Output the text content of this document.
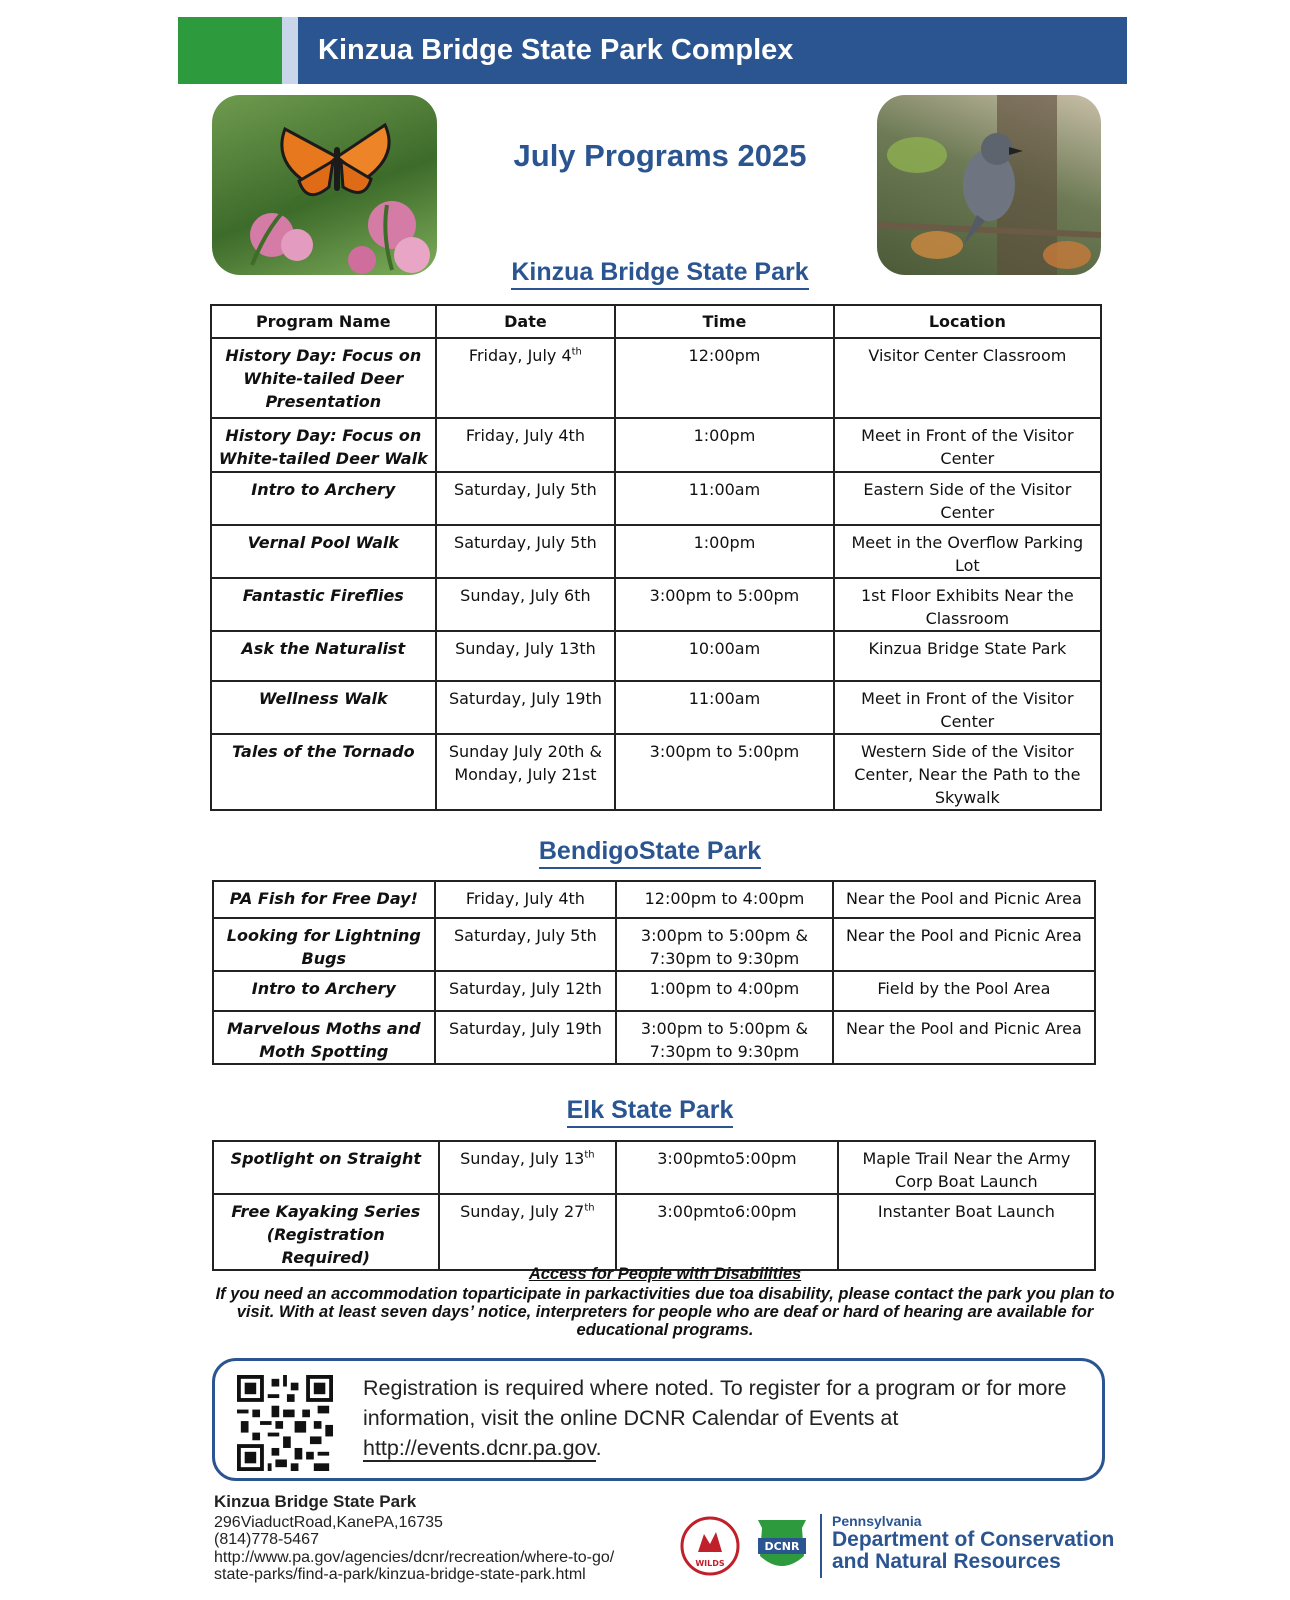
Kinzua Bridge State Park Complex
July Programs 2025
Kinzua Bridge State Park
Program Name	Date	Time	Location
History Day: Focus on White-tailed Deer Presentation	Friday, July 4th	12:00pm	Visitor Center Classroom
History Day: Focus on White-tailed Deer Walk	Friday, July 4th	1:00pm	Meet in Front of the Visitor Center
Intro to Archery	Saturday, July 5th	11:00am	Eastern Side of the Visitor Center
Vernal Pool Walk	Saturday, July 5th	1:00pm	Meet in the Overflow Parking Lot
Fantastic Fireflies	Sunday, July 6th	3:00pm to 5:00pm	1st Floor Exhibits Near the Classroom
Ask the Naturalist	Sunday, July 13th	10:00am	Kinzua Bridge State Park
Wellness Walk	Saturday, July 19th	11:00am	Meet in Front of the Visitor Center
Tales of the Tornado	Sunday July 20th & Monday, July 21st	3:00pm to 5:00pm	Western Side of the Visitor Center, Near the Path to the Skywalk
BendigoState Park
PA Fish for Free Day!	Friday, July 4th	12:00pm to 4:00pm	Near the Pool and Picnic Area
Looking for Lightning Bugs	Saturday, July 5th	3:00pm to 5:00pm & 7:30pm to 9:30pm	Near the Pool and Picnic Area
Intro to Archery	Saturday, July 12th	1:00pm to 4:00pm	Field by the Pool Area
Marvelous Moths and Moth Spotting	Saturday, July 19th	3:00pm to 5:00pm & 7:30pm to 9:30pm	Near the Pool and Picnic Area
Elk State Park
Spotlight on Straight	Sunday, July 13th	3:00pmto5:00pm	Maple Trail Near the Army Corp Boat Launch
Free Kayaking Series (Registration Required)	Sunday, July 27th	3:00pmto6:00pm	Instanter Boat Launch
Access for People with Disabilities
If you need an accommodation toparticipate in parkactivities due toa disability, please contact the park you plan to visit. With at least seven days’ notice, interpreters for people who are deaf or hard of hearing are available for educational programs.
Registration is required where noted. To register for a program or for more information, visit the online DCNR Calendar of Events at
http://events.dcnr.pa.gov.
Kinzua Bridge State Park
296ViaductRoad,KanePA,16735
(814)778-5467
http://www.pa.gov/agencies/dcnr/recreation/where-to-go/
state-parks/find-a-park/kinzua-bridge-state-park.html
WILDS
DCNR
Pennsylvania
Department of Conservation
and Natural Resources
